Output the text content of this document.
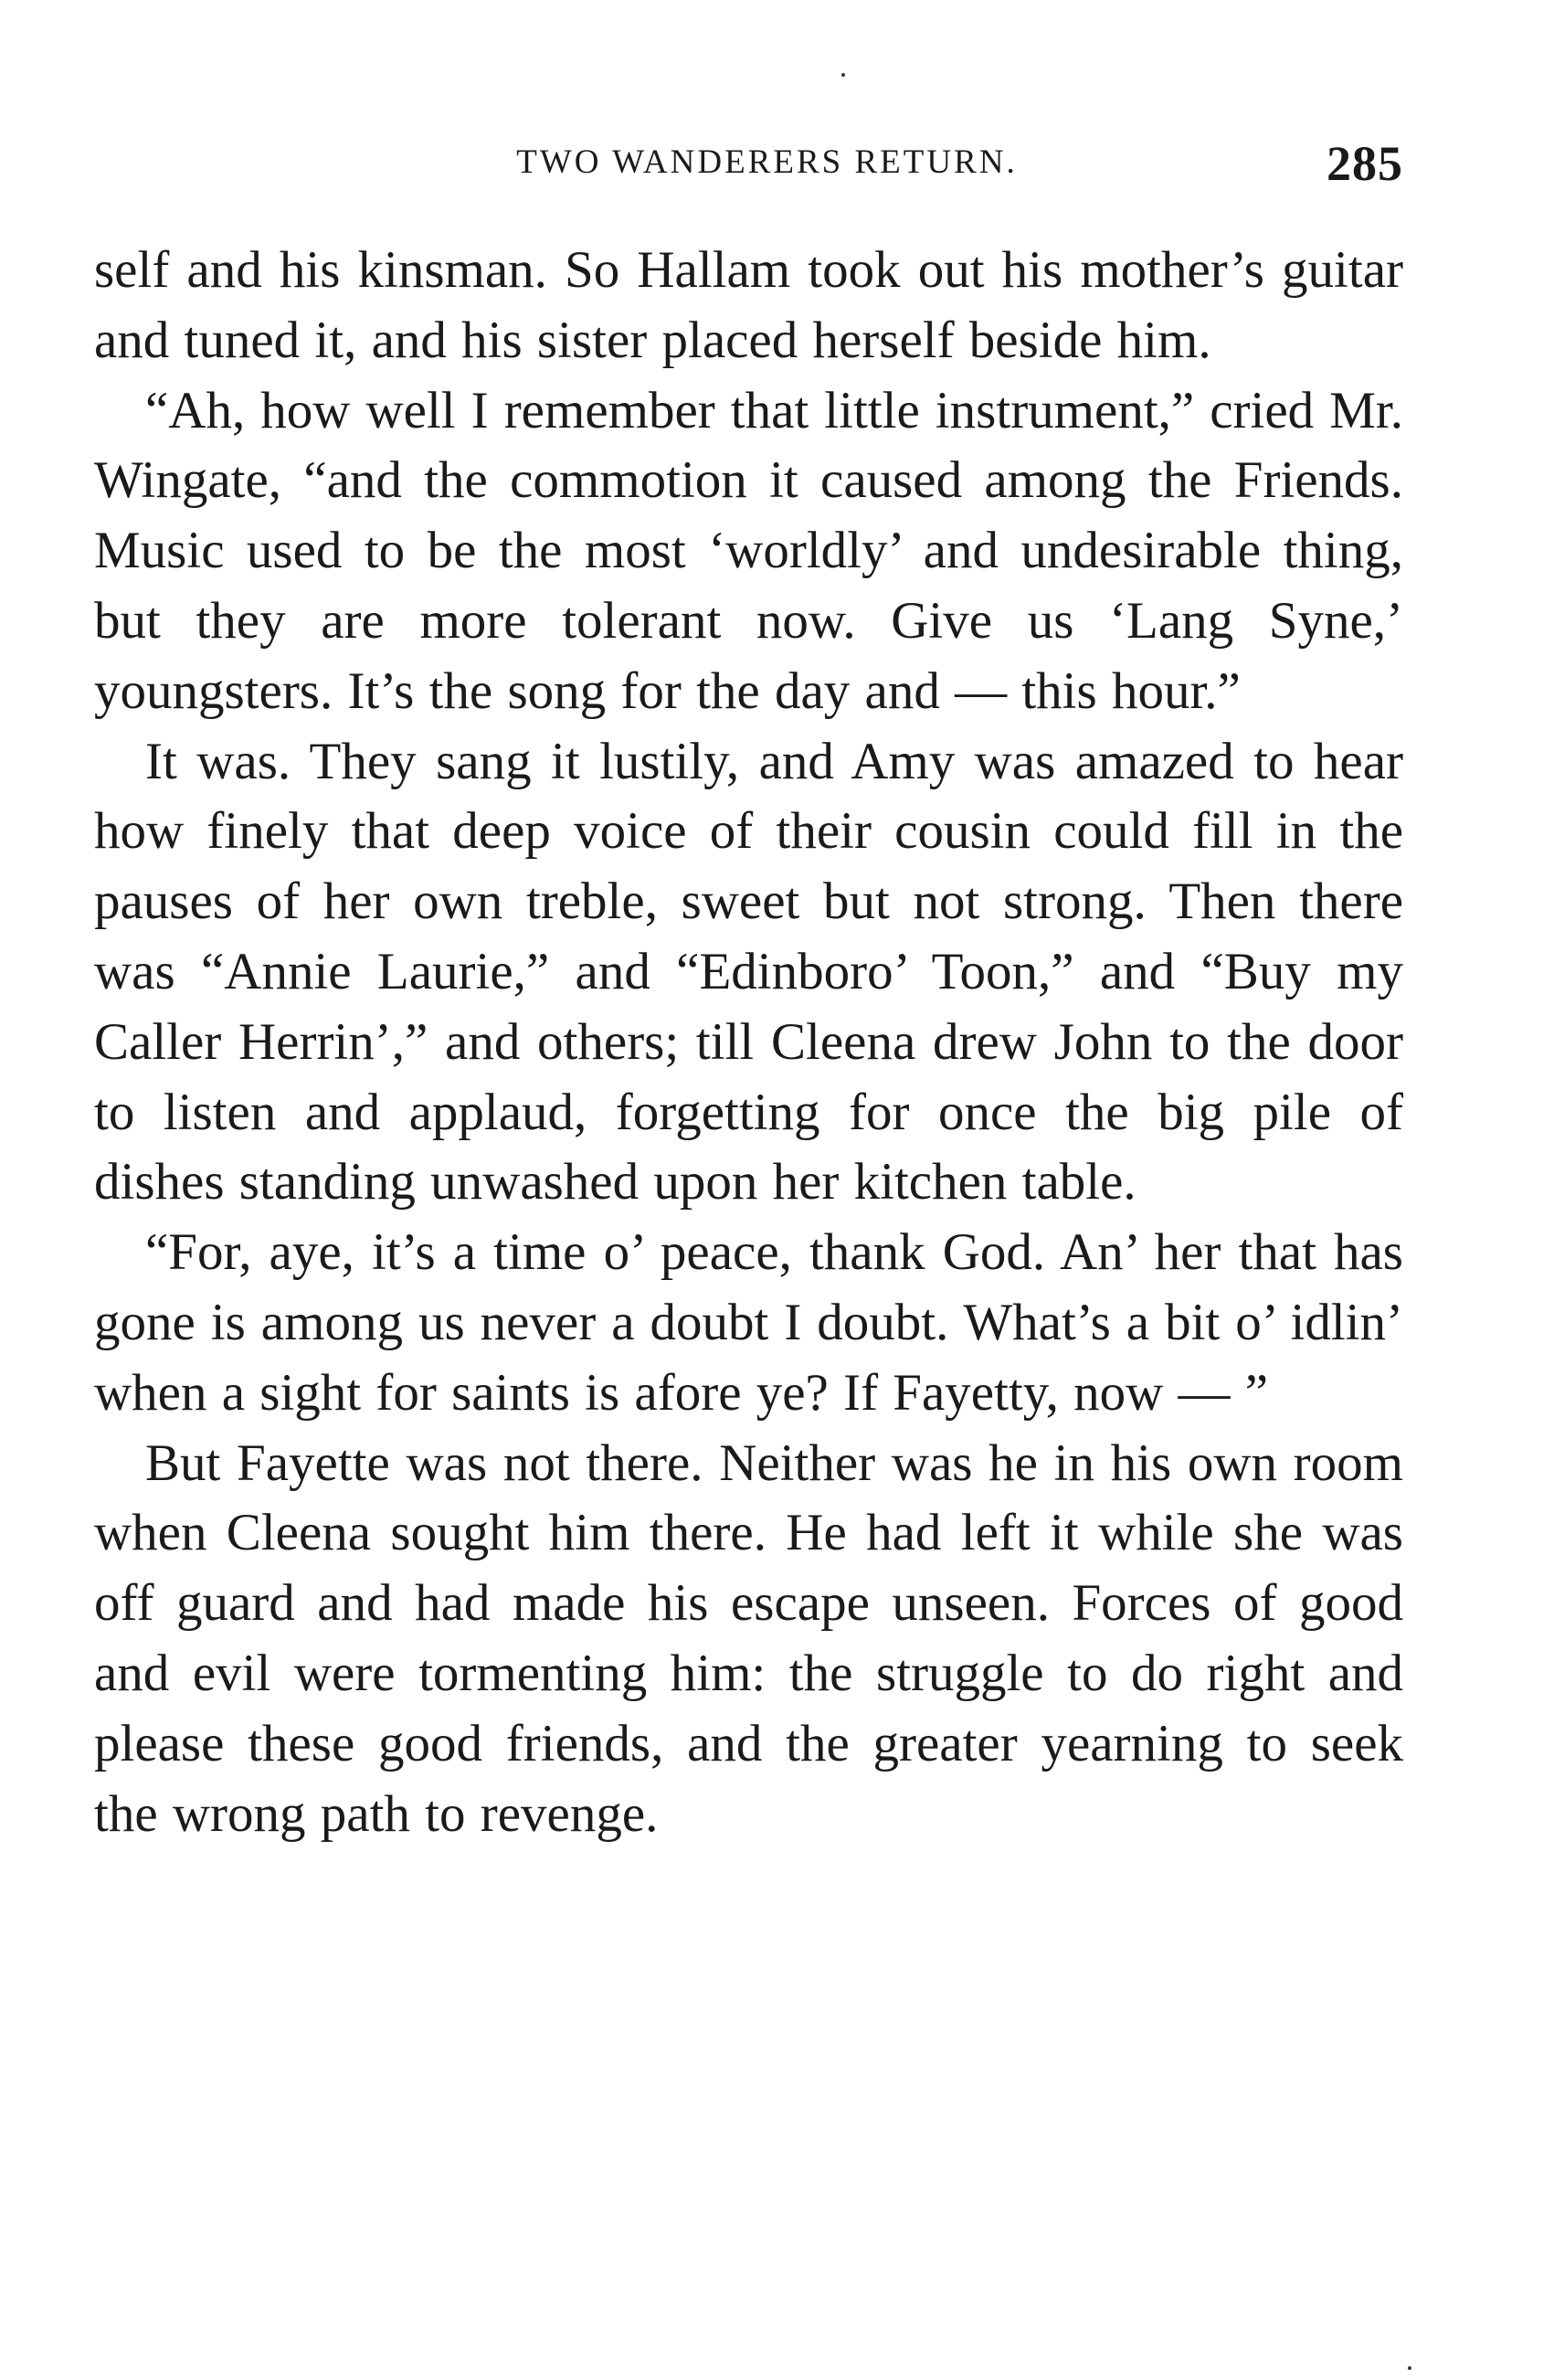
TWO WANDERERS RETURN.	285

self and his kinsman. So Hallam took out his mother’s guitar and tuned it, and his sister placed herself beside him.

“Ah, how well I remember that little instrument,” cried Mr. Wingate, “and the commotion it caused among the Friends. Music used to be the most ‘worldly’ and undesirable thing, but they are more tolerant now. Give us ‘Lang Syne,’ youngsters. It’s the song for the day and — this hour.”

It was. They sang it lustily, and Amy was amazed to hear how finely that deep voice of their cousin could fill in the pauses of her own treble, sweet but not strong. Then there was “Annie Laurie,” and “Edinboro’ Toon,” and “Buy my Caller Herrin’,” and others; till Cleena drew John to the door to listen and applaud, forgetting for once the big pile of dishes standing unwashed upon her kitchen table.

“For, aye, it’s a time o’ peace, thank God. An’ her that has gone is among us never a doubt I doubt. What’s a bit o’ idlin’ when a sight for saints is afore ye? If Fayetty, now — ”

But Fayette was not there. Neither was he in his own room when Cleena sought him there. He had left it while she was off guard and had made his escape unseen. Forces of good and evil were tormenting him: the struggle to do right and please these good friends, and the greater yearning to seek the wrong path to revenge.
